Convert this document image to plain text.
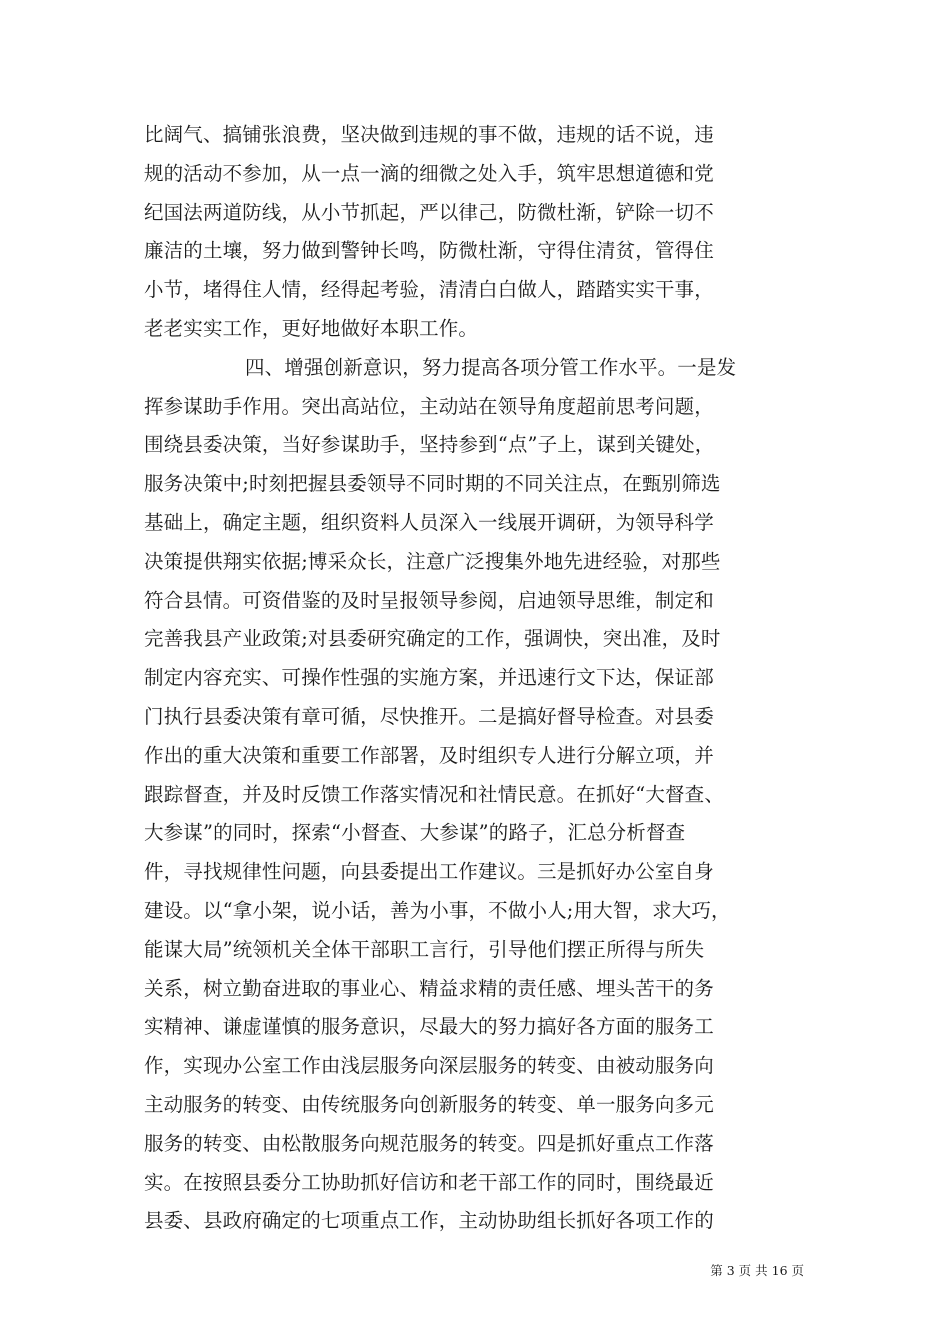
比阔气、搞铺张浪费，坚决做到违规的事不做，违规的话不说，违
规的活动不参加，从一点一滴的细微之处入手，筑牢思想道德和党
纪国法两道防线，从小节抓起，严以律己，防微杜渐，铲除一切不
廉洁的土壤，努力做到警钟长鸣，防微杜渐，守得住清贫，管得住
小节，堵得住人情，经得起考验，清清白白做人，踏踏实实干事，
老老实实工作，更好地做好本职工作。
四、增强创新意识，努力提高各项分管工作水平。一是发
挥参谋助手作用。突出高站位，主动站在领导角度超前思考问题，
围绕县委决策，当好参谋助手，坚持参到“点”子上，谋到关键处，
服务决策中;时刻把握县委领导不同时期的不同关注点，在甄别筛选
基础上，确定主题，组织资料人员深入一线展开调研，为领导科学
决策提供翔实依据;博采众长，注意广泛搜集外地先进经验，对那些
符合县情。可资借鉴的及时呈报领导参阅，启迪领导思维，制定和
完善我县产业政策;对县委研究确定的工作，强调快，突出准，及时
制定内容充实、可操作性强的实施方案，并迅速行文下达，保证部
门执行县委决策有章可循，尽快推开。二是搞好督导检查。对县委
作出的重大决策和重要工作部署，及时组织专人进行分解立项，并
跟踪督查，并及时反馈工作落实情况和社情民意。在抓好“大督查、
大参谋”的同时，探索“小督查、大参谋”的路子，汇总分析督查
件，寻找规律性问题，向县委提出工作建议。三是抓好办公室自身
建设。以“拿小架，说小话，善为小事，不做小人;用大智，求大巧，
能谋大局”统领机关全体干部职工言行，引导他们摆正所得与所失
关系，树立勤奋进取的事业心、精益求精的责任感、埋头苦干的务
实精神、谦虚谨慎的服务意识，尽最大的努力搞好各方面的服务工
作，实现办公室工作由浅层服务向深层服务的转变、由被动服务向
主动服务的转变、由传统服务向创新服务的转变、单一服务向多元
服务的转变、由松散服务向规范服务的转变。四是抓好重点工作落
实。在按照县委分工协助抓好信访和老干部工作的同时，围绕最近
县委、县政府确定的七项重点工作，主动协助组长抓好各项工作的
第 3 页 共 16 页
